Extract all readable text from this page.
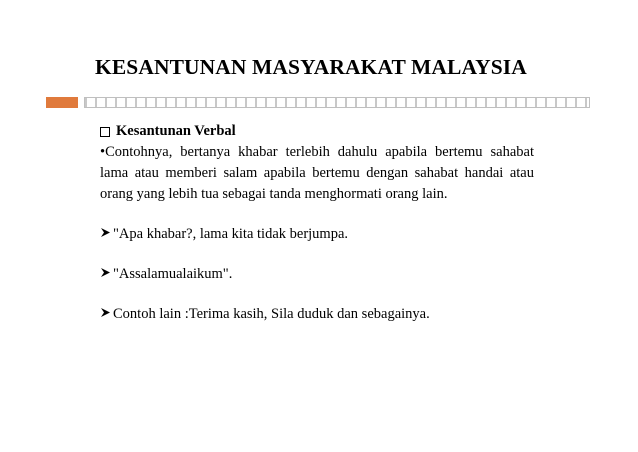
KESANTUNAN MASYARAKAT MALAYSIA
Kesantunan Verbal
•Contohnya, bertanya khabar terlebih dahulu apabila bertemu sahabat lama atau memberi salam apabila bertemu dengan sahabat handai atau orang yang lebih tua sebagai tanda menghormati orang lain.
"Apa khabar?, lama kita tidak berjumpa.
"Assalamualaikum".
Contoh lain :Terima kasih, Sila duduk dan sebagainya.
